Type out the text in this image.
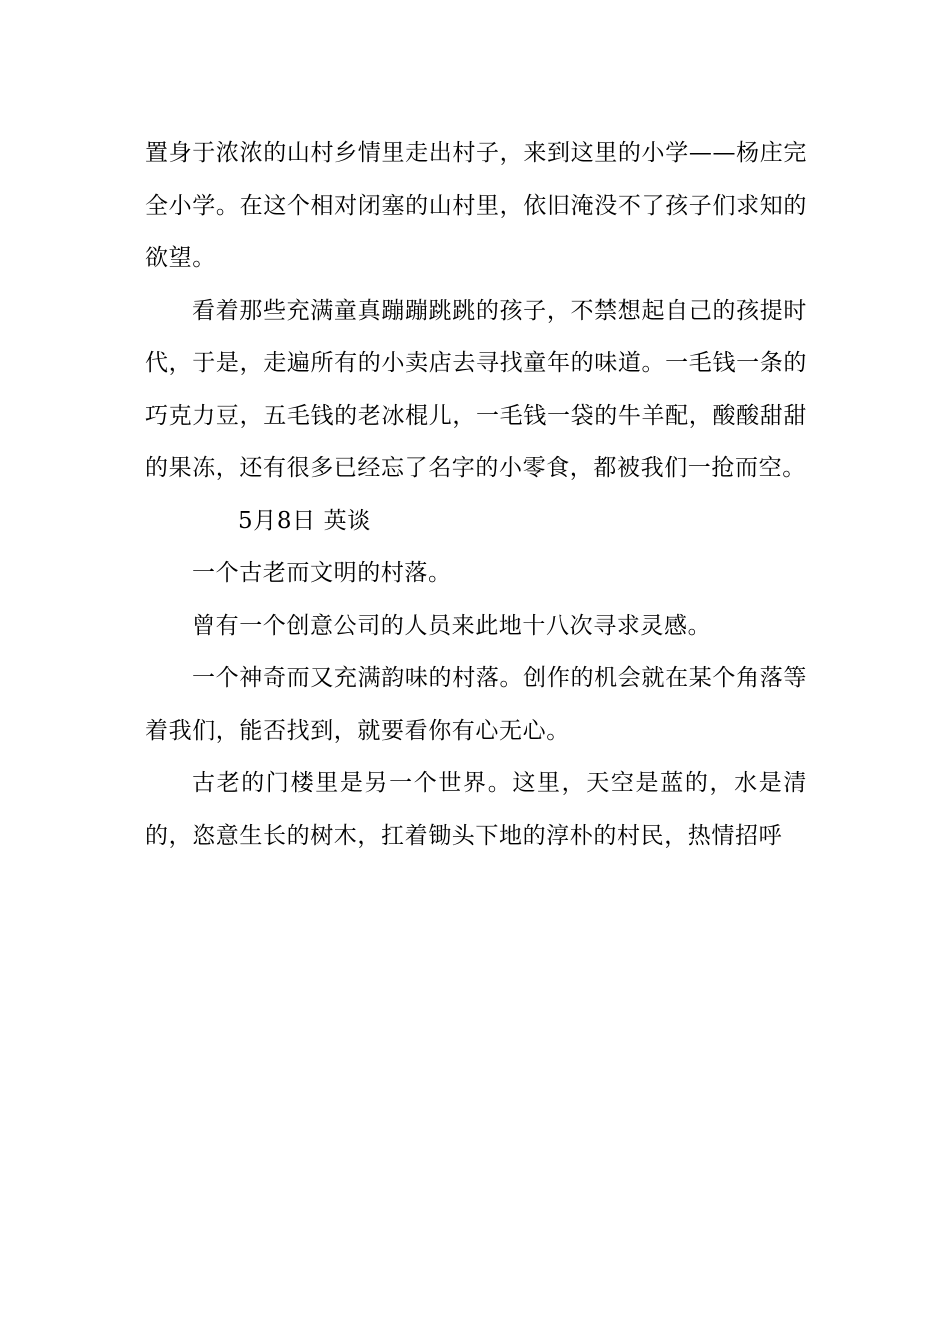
置身于浓浓的山村乡情里走出村子，来到这里的小学——杨庄完全小学。在这个相对闭塞的山村里，依旧淹没不了孩子们求知的欲望。

看着那些充满童真蹦蹦跳跳的孩子，不禁想起自己的孩提时代，于是，走遍所有的小卖店去寻找童年的味道。一毛钱一条的巧克力豆，五毛钱的老冰棍儿，一毛钱一袋的牛羊配，酸酸甜甜的果冻，还有很多已经忘了名字的小零食，都被我们一抢而空。

5月8日 英谈

一个古老而文明的村落。

曾有一个创意公司的人员来此地十八次寻求灵感。

一个神奇而又充满韵味的村落。创作的机会就在某个角落等着我们，能否找到，就要看你有心无心。

古老的门楼里是另一个世界。这里，天空是蓝的，水是清的，恣意生长的树木，扛着锄头下地的淳朴的村民，热情招呼
